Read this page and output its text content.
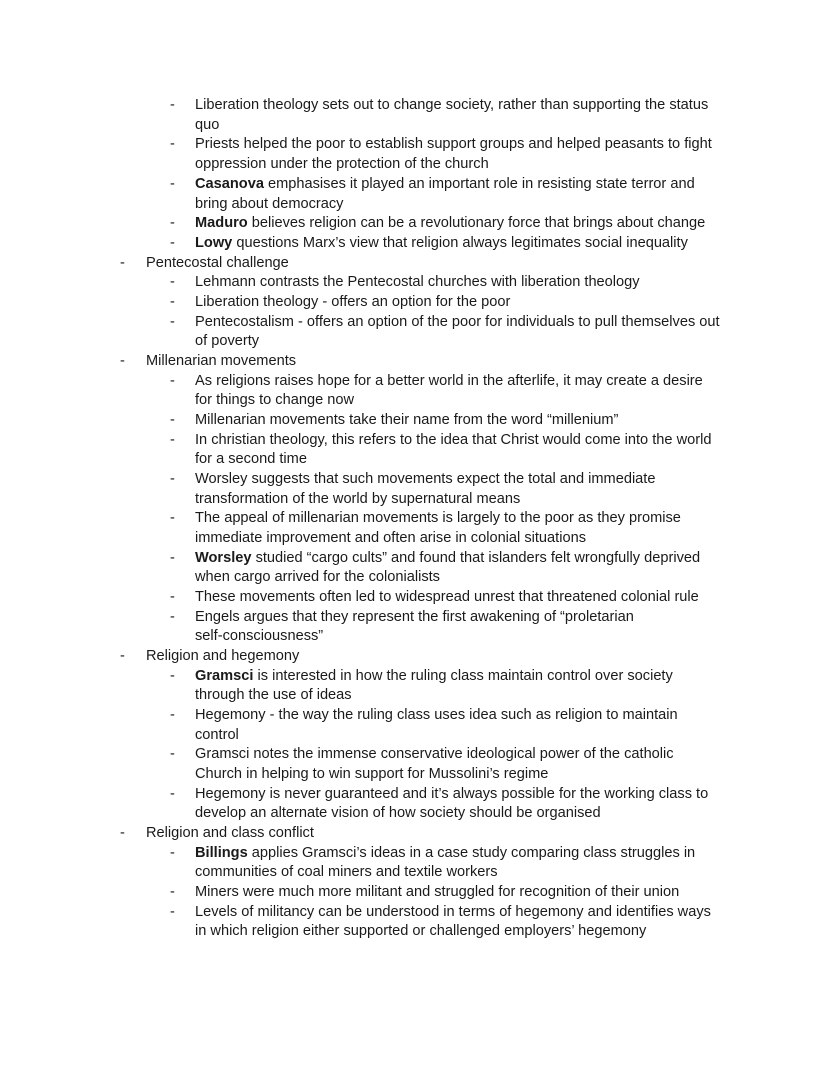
- Liberation theology sets out to change society, rather than supporting the status
quo
- Priests helped the poor to establish support groups and helped peasants to fight
oppression under the protection of the church
- Casanova emphasises it played an important role in resisting state terror and
bring about democracy
- Maduro believes religion can be a revolutionary force that brings about change
- Lowy questions Marx’s view that religion always legitimates social inequality
- Pentecostal challenge
- Lehmann contrasts the Pentecostal churches with liberation theology
- Liberation theology - offers an option for the poor
- Pentecostalism - offers an option of the poor for individuals to pull themselves out
of poverty
- Millenarian movements
- As religions raises hope for a better world in the afterlife, it may create a desire
for things to change now
- Millenarian movements take their name from the word “millenium”
- In christian theology, this refers to the idea that Christ would come into the world
for a second time
- Worsley suggests that such movements expect the total and immediate
transformation of the world by supernatural means
- The appeal of millenarian movements is largely to the poor as they promise
immediate improvement and often arise in colonial situations
- Worsley studied “cargo cults” and found that islanders felt wrongfully deprived
when cargo arrived for the colonialists
- These movements often led to widespread unrest that threatened colonial rule
- Engels argues that they represent the first awakening of “proletarian
self-consciousness”
- Religion and hegemony
- Gramsci is interested in how the ruling class maintain control over society
through the use of ideas
- Hegemony - the way the ruling class uses idea such as religion to maintain
control
- Gramsci notes the immense conservative ideological power of the catholic
Church in helping to win support for Mussolini’s regime
- Hegemony is never guaranteed and it’s always possible for the working class to
develop an alternate vision of how society should be organised
- Religion and class conflict
- Billings applies Gramsci’s ideas in a case study comparing class struggles in
communities of coal miners and textile workers
- Miners were much more militant and struggled for recognition of their union
- Levels of militancy can be understood in terms of hegemony and identifies ways
in which religion either supported or challenged employers’ hegemony
